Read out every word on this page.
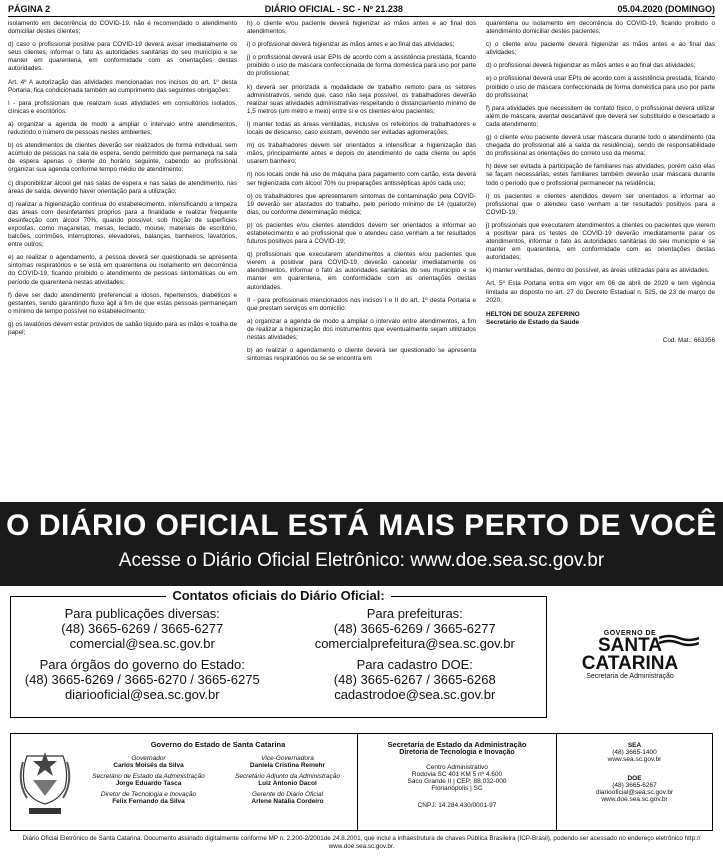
PÁGINA 2	DIÁRIO OFICIAL - SC - Nº 21.238	05.04.2020 (DOMINGO)

isolamento em decorrência do COVID-19, não é recomendado o atendimento domiciliar destes clientes;

d) caso o profissional positive para COVID-19 deverá avisar imediatamente os seus clientes, informar o fato às autoridades sanitárias do seu município e se manter em quarentena, em conformidade com as orientações destas autoridades.

Art. 4º A autorização das atividades mencionadas nos incisos do art. 1º desta Portaria, fica condicionada também ao cumprimento das seguintes obrigações:

I - para profissionais que realizam suas atividades em consultórios isolados, clínicas e escritórios:

a) organizar a agenda de modo a ampliar o intervalo entre atendimentos, reduzindo o número de pessoas nestes ambientes;

b) os atendimentos de clientes deverão ser realizados de forma individual, sem acúmulo de pessoas na sala de espera, sendo permitido que permaneça na sala de espera apenas o cliente do horário seguinte, cabendo ao profissional organizar sua agenda conforme tempo médio de atendimento;

c) disponibilizar álcool gel nas salas de espera e nas salas de atendimento, nas áreas de saída, devendo haver orientação para a utilização;

d) realizar a higienização contínua do estabelecimento, intensificando a limpeza das áreas com desinfetantes próprios para a finalidade e realizar frequente desinfecção com álcool 70%, quando possível, sob fricção de superfícies expostas, como maçanetas, mesas, teclado, mouse, materiais de escritório, balcões, corrimões, interruptores, elevadores, balanças, banheiros, lavatórios, entre outros;

e) ao realizar o agendamento, a pessoa deverá ser questionada se apresenta sintomas respiratórios e se está em quarentena ou isolamento em decorrência do COVID-19, ficando proibido o atendimento de pessoas sintomáticas ou em período de quarentena nestas atividades;

f) deve ser dado atendimento preferencial a idosos, hipertensos, diabéticos e gestantes, sendo garantindo fluxo ágil a fim de que estas pessoas permaneçam o mínimo de tempo possível no estabelecimento;

g) os lavatórios devem estar providos de sabão líquido para as mãos e toalha de papel;

h) o cliente e/ou paciente deverá higienizar as mãos antes e ao final dos atendimentos;

i) o profissional deverá higienizar as mãos antes e ao final das atividades;

j) o profissional deverá usar EPIs de acordo com a assistência prestada, ficando proibido o uso de máscara confeccionada de forma doméstica para uso por parte do profissional;

k) deverá ser priorizada a modalidade de trabalho remoto para os setores administrativos, sendo que, caso não seja possível, os trabalhadores deverão realizar suas atividades administrativas respeitando o distanciamento mínimo de 1,5 metros (um metro e meio) entre si e os clientes e/ou pacientes;

l) manter todas as áreas ventiladas, inclusive os refeitórios de trabalhadores e locais de descanso, caso existam, devendo ser evitadas aglomerações;

m) os trabalhadores devem ser orientados a intensificar a higienização das mãos, principalmente antes e depois do atendimento de cada cliente ou após usarem banheiro;

n) nos locais onde há uso de máquina para pagamento com cartão, esta deverá ser higienizada com álcool 70% ou preparações antissépticas após cada uso;

o) os trabalhadores que apresentarem sintomas de contaminação pela COVID-19 deverão ser afastados do trabalho, pelo período mínimo de 14 (quatorze) dias, ou conforme determinação médica;

p) os pacientes e/ou clientes atendidos devem ser orientados a informar ao estabelecimento e ao profissional que o atendeu caso venham a ter resultados futuros positivos para a COVID-19;

q) profissionais que executarem atendimentos a clientes e/ou pacientes que vierem a positivar para COVID-19, deverão cancelar imediatamente os atendimentos, informar o fato às autoridades sanitárias do seu município e se manter em quarentena, em conformidade com as orientações destas autoridades.

II - para profissionais mencionados nos incisos I e II do art. 1º desta Portaria e que prestam serviços em domicílio:

a) organizar a agenda de modo a ampliar o intervalo entre atendimentos, a fim de realizar a higienização dos instrumentos que eventualmente sejam utilizados nestas atividades;

b) ao realizar o agendamento o cliente deverá ser questionado se apresenta sintomas respiratórios ou se se encontra em

quarentena ou isolamento em decorrência do COVID-19, ficando proibido o atendimento domiciliar destes pacientes;

c) o cliente e/ou paciente deverá higienizar as mãos antes e ao final das atividades;

d) o profissional deverá higienizar as mãos antes e ao final das atividades;

e) o profissional deverá usar EPIs de acordo com a assistência prestada, ficando proibido o uso de máscara confeccionada de forma doméstica para uso por parte do profissional;

f) para atividades que necessitem de contato físico, o profissional deverá utilizar além de máscara, avental descartável que deverá ser substituído e descartado a cada atendimento;

g) o cliente e/ou paciente deverá usar máscara durante todo o atendimento (da chegada do profissional até a saída da residência), sendo de responsabilidade do profissional as orientações do correto uso da mesma;

h) deve ser evitada a participação de familiares nas atividades, porém caso elas se façam necessárias, estes familiares também deverão usar máscara durante todo o período que o profissional permanecer na residência;

i) os pacientes e clientes atendidos devem ser orientados a informar ao profissional que o atendeu caso venham a ter resultados positivos para a COVID-19;

j) profissionais que executarem atendimentos a clientes ou pacientes que vierem a positivar para os testes de COVID-19 deverão imediatamente parar os atendimentos, informar o fato às autoridades sanitárias do seu município e se manter em quarentena, em conformidade com as orientações destas autoridades;

k) manter ventiladas, dentro do possível, as áreas utilizadas para as atividades.

Art. 5º Esta Portaria entra em vigor em 06 de abril de 2020 e tem vigência limitada ao disposto no art. 27 do Decreto Estadual n. 525, de 23 de março de 2020.

HELTON DE SOUZA ZEFERINO
Secretário de Estado da Saúde

Cod. Mat.: 663356
O DIÁRIO OFICIAL ESTÁ MAIS PERTO DE VOCÊ
Acesse o Diário Oficial Eletrônico: www.doe.sea.sc.gov.br
Contatos oficiais do Diário Oficial:
Para publicações diversas:
(48) 3665-6269 / 3665-6277
comercial@sea.sc.gov.br
Para prefeituras:
(48) 3665-6269 / 3665-6277
comercialprefeitura@sea.sc.gov.br
Para órgãos do governo do Estado:
(48) 3665-6269 / 3665-6270 / 3665-6275
diariooficial@sea.sc.gov.br
Para cadastro DOE:
(48) 3665-6267 / 3665-6268
cadastrodoe@sea.sc.gov.br
GOVERNO DE
SANTA
CATARINA
Secretaria de Administração
Governo do Estado de Santa Catarina
Governador
Carlos Moisés da Silva
Vice-Governadora
Daniela Cristina Reinehr
Secretário de Estado da Administração
Jorge Eduardo Tasca
Secretário Adjunto da Administração
Luiz Antonio Dacol
Diretor de Tecnologia e Inovação
Felix Fernando da Silva
Gerente do Diário Oficial
Arlene Natália Cordeiro
Secretaria de Estado da Administração
Diretoria de Tecnologia e Inovação
Centro Administrativo
Rodovia SC 401 KM 5 nº 4.600
Saco Grande II | CEP: 88.032-000
Florianópolis | SC
CNPJ: 14.284.430/0001-97
SEA
(48) 3665-1400
www.sea.sc.gov.br
DOE
(48) 3665-6267
diariooficial@sea.sc.gov.br
www.doe.sea.sc.gov.br
Diário Oficial Eletrônico de Santa Catarina. Documento assinado digitalmente conforme MP n. 2.200-2/2001de 24.8.2001, que inclui a infraestrutura de chaves Pública Brasileira (ICP-Brasil), podendo ser acessado no endereço eletrônico http:// www.doe.sea.sc.gov.br.
